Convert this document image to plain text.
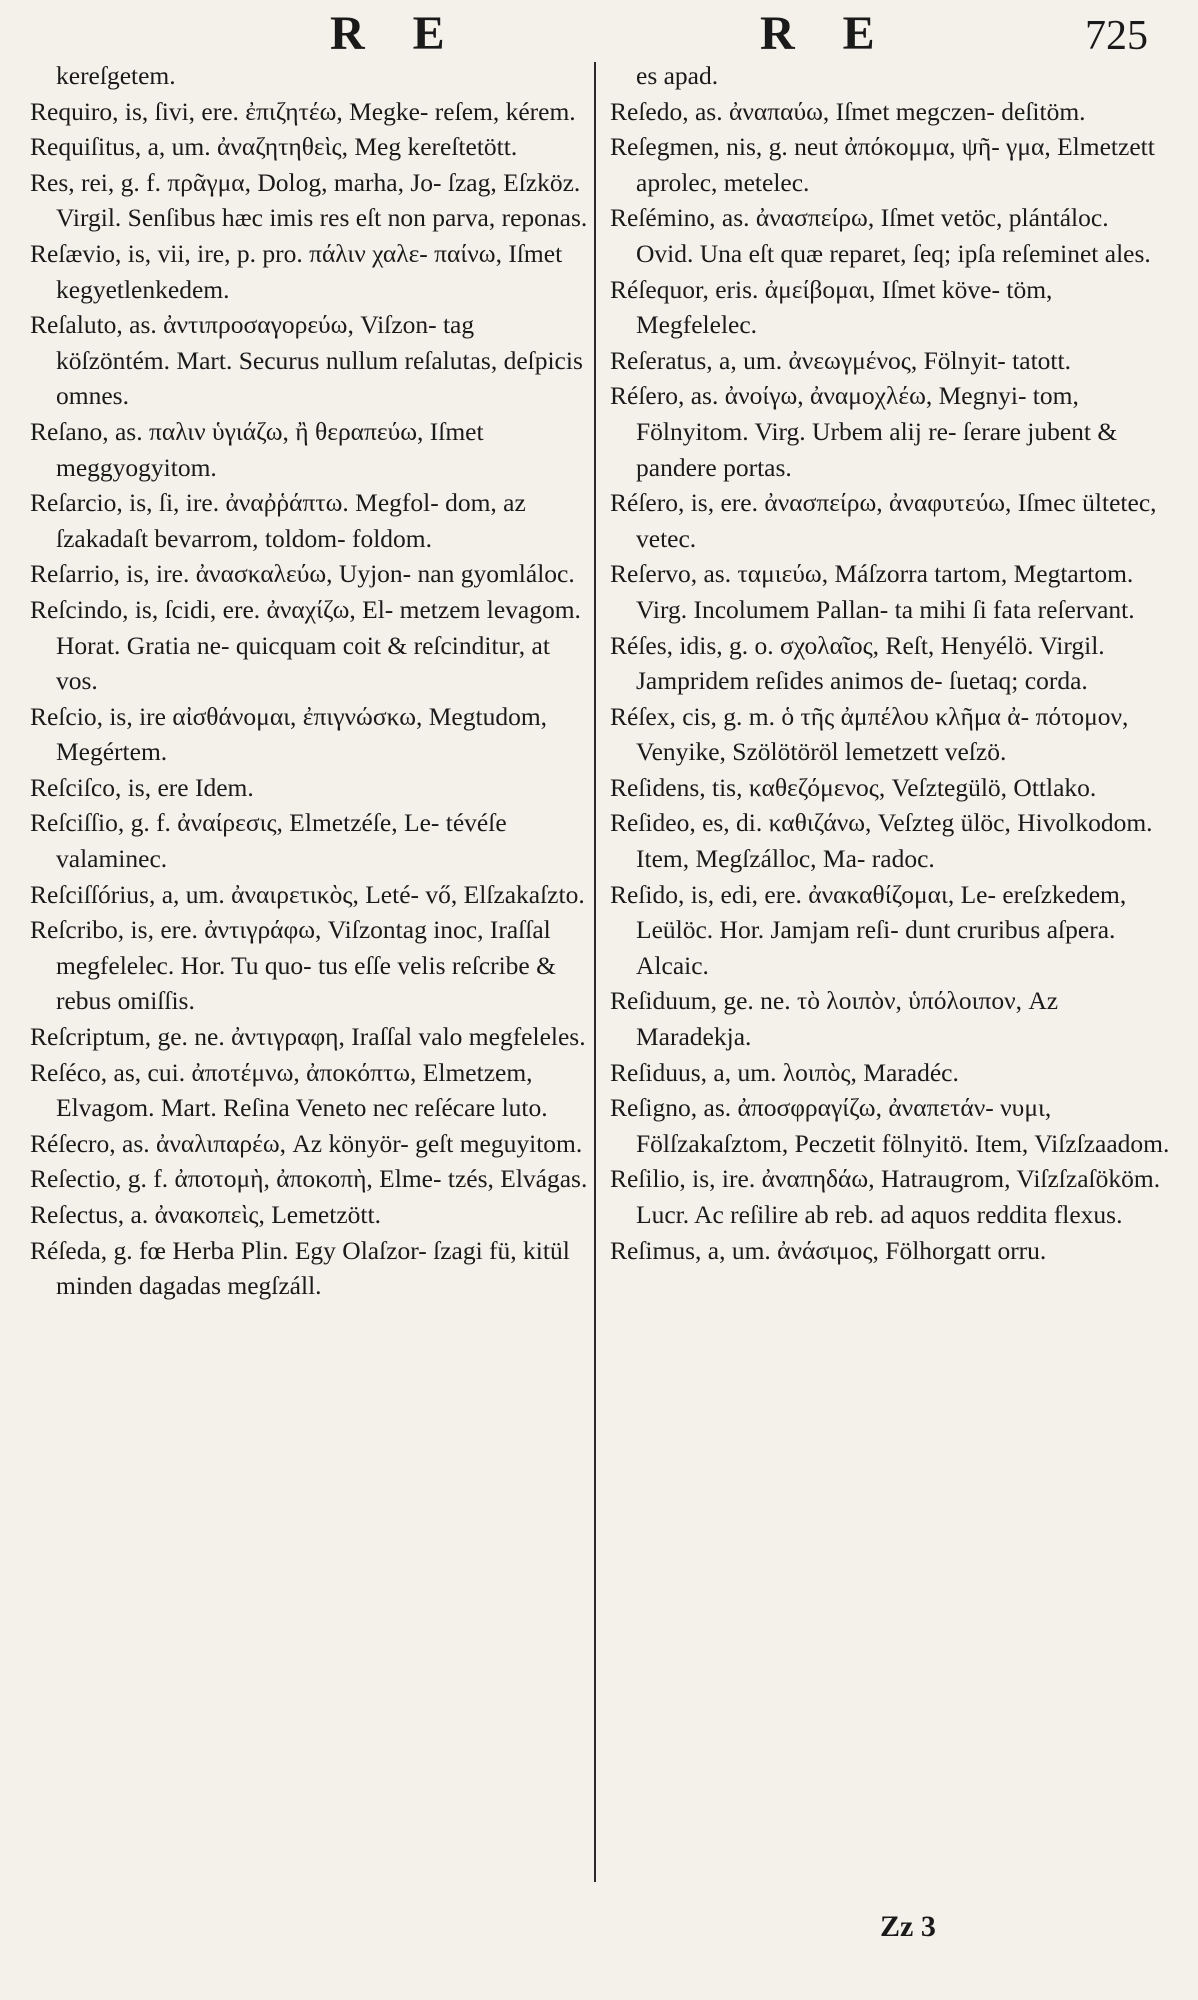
R E	R E	725

kereſgetem.

Requiro, is, ſivi, ere. ἐπιζητέω, Megke- reſem, kérem.

Requiſitus, a, um. ἀναζητηθεὶς, Meg kereſtetött.

Res, rei, g. f. πρᾶγμα, Dolog, marha, Jo- ſzag, Eſzköz. Virgil. Senſibus hæc imis res eſt non parva, reponas.

Reſævio, is, vii, ire, p. pro. πάλιν χαλε- παίνω, Iſmet kegyetlenkedem.

Reſaluto, as. ἀντιπροσαγορεύω, Viſzon- tag köſzöntém. Mart. Securus nullum reſalutas, deſpicis omnes.

Reſano, as. παλιν ὑγιάζω, ἢ θεραπεύω, Iſmet meggyogyitom.

Reſarcio, is, ſi, ire. ἀναῤῥάπτω. Megfol- dom, az ſzakadaſt bevarrom, toldom- foldom.

Reſarrio, is, ire. ἀνασκαλεύω, Uyjon- nan gyomláloc.

Reſcindo, is, ſcidi, ere. ἀναχίζω, El- metzem levagom. Horat. Gratia ne- quicquam coit & reſcinditur, at vos.

Reſcio, is, ire αἰσθάνομαι, ἐπιγνώσκω, Megtudom, Megértem.

Reſciſco, is, ere Idem.

Reſciſſio, g. f. ἀναίρεσις, Elmetzéſe, Le- tévéſe valaminec.

Reſciſſórius, a, um. ἀναιρετικὸς, Leté- vő, Elſzakaſzto.

Reſcribo, is, ere. ἀντιγράφω, Viſzontag inoc, Iraſſal megfelelec. Hor. Tu quo- tus eſſe velis reſcribe & rebus omiſſis.

Reſcriptum, ge. ne. ἀντιγραφη, Iraſſal valo megfeleles.

Reſéco, as, cui. ἀποτέμνω, ἀποκόπτω, Elmetzem, Elvagom. Mart. Reſina Veneto nec reſécare luto.

Réſecro, as. ἀναλιπαρέω, Az könyör- geſt meguyitom.

Reſectio, g. f. ἀποτομὴ, ἀποκοπὴ, Elme- tzés, Elvágas.

Reſectus, a. ἀνακοπεὶς, Lemetzött.

Réſeda, g. fœ Herba Plin. Egy Olaſzor- ſzagi fü, kitül minden dagadas megſzáll.

es apad.

Reſedo, as. ἀναπαύω, Iſmet megczen- deſitöm.

Reſegmen, nis, g. neut ἀπόκομμα, ψῆ- γμα, Elmetzett aprolec, metelec.

Reſémino, as. ἀνασπείρω, Iſmet vetöc, plántáloc. Ovid. Una eſt quæ reparet, ſeq; ipſa reſeminet ales.

Réſequor, eris. ἀμείβομαι, Iſmet köve- töm, Megfelelec.

Reſeratus, a, um. ἀνεωγμένος, Fölnyit- tatott.

Réſero, as. ἀνοίγω, ἀναμοχλέω, Megnyi- tom, Fölnyitom. Virg. Urbem alij re- ſerare jubent & pandere portas.

Réſero, is, ere. ἀνασπείρω, ἀναφυτεύω, Iſmec ültetec, vetec.

Reſervo, as. ταμιεύω, Máſzorra tartom, Megtartom. Virg. Incolumem Pallan- ta mihi ſi fata reſervant.

Réſes, idis, g. o. σχολαῖος, Reſt, Henyélö. Virgil. Jampridem reſides animos de- ſuetaq; corda.

Réſex, cis, g. m. ὁ τῆς ἀμπέλου κλῆμα ἀ- πότομον, Venyike, Szölötöröl lemetzett veſzö.

Reſidens, tis, καθεζόμενος, Veſztegülö, Ottlako.

Reſideo, es, di. καθιζάνω, Veſzteg ülöc, Hivolkodom. Item, Megſzálloc, Ma- radoc.

Reſido, is, edi, ere. ἀνακαθίζομαι, Le- ereſzkedem, Leülöc. Hor. Jamjam reſi- dunt cruribus aſpera. Alcaic.

Reſiduum, ge. ne. τὸ λοιπὸν, ὑπόλοιπον, Az Maradekja.

Reſiduus, a, um. λοιπὸς, Maradéc.

Reſigno, as. ἀποσφραγίζω, ἀναπετάν- νυμι, Fölſzakaſztom, Peczetit fölnyitö. Item, Viſzſzaadom.

Reſilio, is, ire. ἀναπηδάω, Hatraugrom, Viſzſzaſököm. Lucr. Ac reſilire ab reb. ad aquos reddita flexus.

Reſimus, a, um. ἀνάσιμος, Fölhorgatt orru.

Zz 3
